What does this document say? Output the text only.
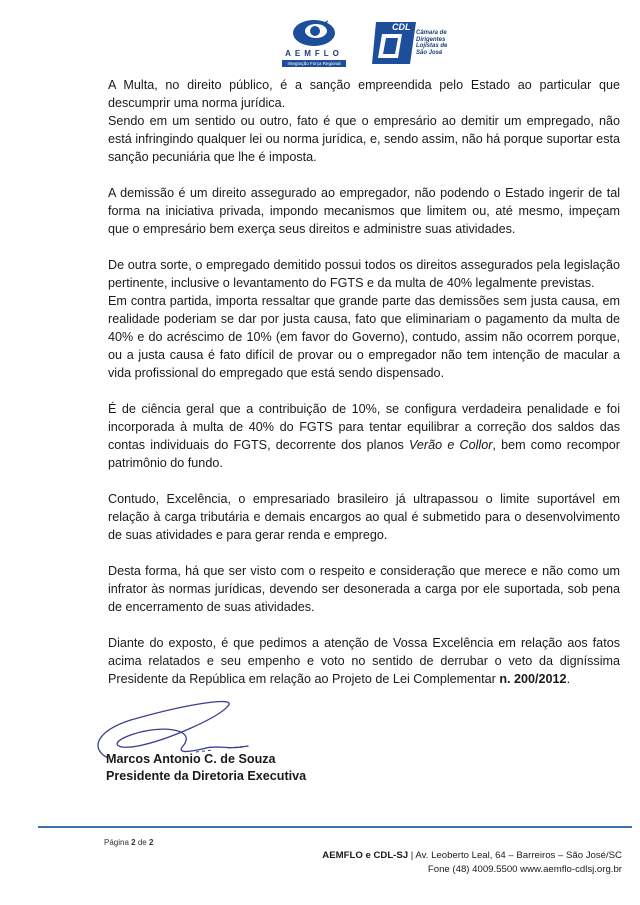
AEMFLO
Integração Força Regional
CDL
Câmara de
Dirigentes
Lojistas de
São José

A Multa, no direito público, é a sanção empreendida pelo Estado ao particular que descumprir uma norma jurídica.

Sendo em um sentido ou outro, fato é que o empresário ao demitir um empregado, não está infringindo qualquer lei ou norma jurídica, e, sendo assim, não há porque suportar esta sanção pecuniária que lhe é imposta.

A demissão é um direito assegurado ao empregador, não podendo o Estado ingerir de tal forma na iniciativa privada, impondo mecanismos que limitem ou, até mesmo, impeçam que o empresário bem exerça seus direitos e administre suas atividades.

De outra sorte, o empregado demitido possui todos os direitos assegurados pela legislação pertinente, inclusive o levantamento do FGTS e da multa de 40% legalmente previstas.

Em contra partida, importa ressaltar que grande parte das demissões sem justa causa, em realidade poderiam se dar por justa causa, fato que eliminariam o pagamento da multa de 40% e do acréscimo de 10% (em favor do Governo), contudo, assim não ocorrem porque, ou a justa causa é fato difícil de provar ou o empregador não tem intenção de macular a vida profissional do empregado que está sendo dispensado.

É de ciência geral que a contribuição de 10%, se configura verdadeira penalidade e foi incorporada à multa de 40% do FGTS para tentar equilibrar a correção dos saldos das contas individuais do FGTS, decorrente dos planos Verão e Collor, bem como recompor patrimônio do fundo.

Contudo, Excelência, o empresariado brasileiro já ultrapassou o limite suportável em relação à carga tributária e demais encargos ao qual é submetido para o desenvolvimento de suas atividades e para gerar renda e emprego.

Desta forma, há que ser visto com o respeito e consideração que merece e não como um infrator às normas jurídicas, devendo ser desonerada a carga por ele suportada, sob pena de encerramento de suas atividades.

Diante do exposto, é que pedimos a atenção de Vossa Excelência em relação aos fatos acima relatados e seu empenho e voto no sentido de derrubar o veto da digníssima Presidente da República em relação ao Projeto de Lei Complementar n. 200/2012.

Marcos Antonio C. de Souza
Presidente da Diretoria Executiva
Página 2 de 2
AEMFLO e CDL-SJ | Av. Leoberto Leal, 64 – Barreiros – São José/SC
Fone (48) 4009.5500 www.aemflo-cdlsj.org.br
